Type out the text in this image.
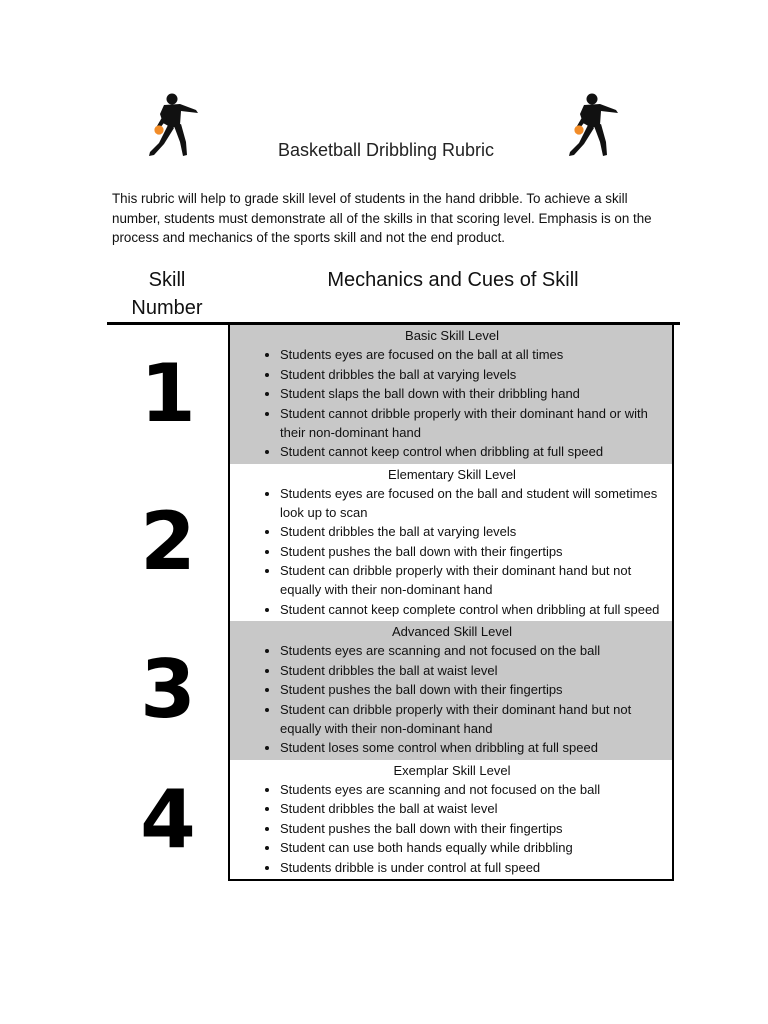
Basketball Dribbling Rubric
This rubric will help to grade skill level of students in the hand dribble. To achieve a skill number, students must demonstrate all of the skills in that scoring level. Emphasis is on the process and mechanics of the sports skill and not the end product.
Skill
Number
Mechanics and Cues of Skill
1
Basic Skill Level
• Students eyes are focused on the ball at all times
• Student dribbles the ball at varying levels
• Student slaps the ball down with their dribbling hand
• Student cannot dribble properly with their dominant hand or with their non-dominant hand
• Student cannot keep control when dribbling at full speed
2
Elementary Skill Level
• Students eyes are focused on the ball and student will sometimes look up to scan
• Student dribbles the ball at varying levels
• Student pushes the ball down with their fingertips
• Student can dribble properly with their dominant hand but not equally with their non-dominant hand
• Student cannot keep complete control when dribbling at full speed
3
Advanced Skill Level
• Students eyes are scanning and not focused on the ball
• Student dribbles the ball at waist level
• Student pushes the ball down with their fingertips
• Student can dribble properly with their dominant hand but not equally with their non-dominant hand
• Student loses some control when dribbling at full speed
4
Exemplar Skill Level
• Students eyes are scanning and not focused on the ball
• Student dribbles the ball at waist level
• Student pushes the ball down with their fingertips
• Student can use both hands equally while dribbling
• Students dribble is under control at full speed
